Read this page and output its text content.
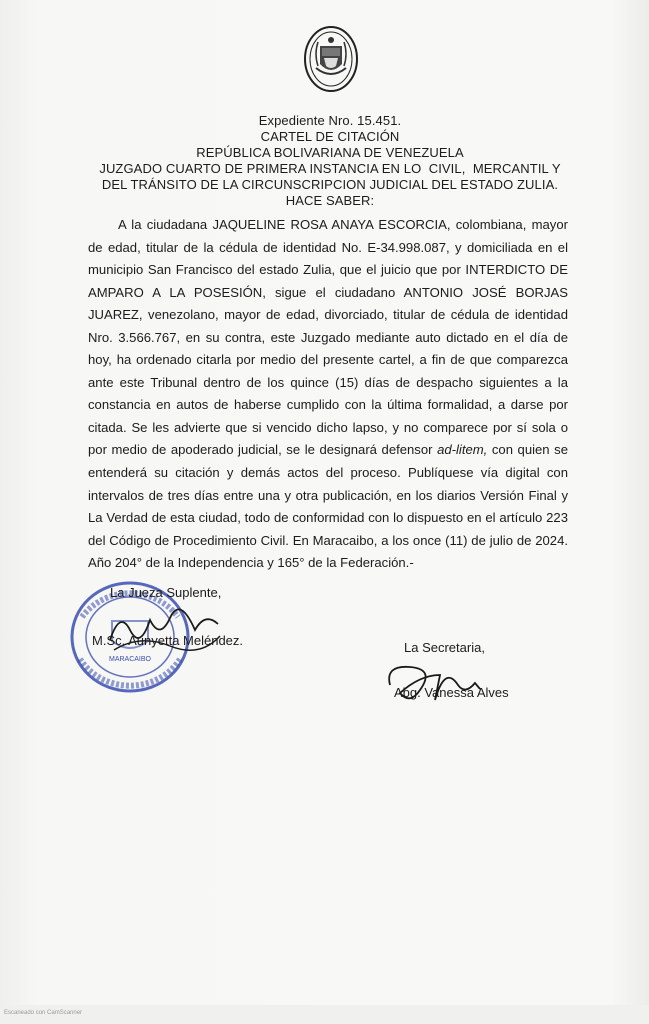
Expediente Nro. 15.451.
CARTEL DE CITACIÓN
REPÚBLICA BOLIVARIANA DE VENEZUELA
JUZGADO CUARTO DE PRIMERA INSTANCIA EN LO  CIVIL,  MERCANTIL Y
DEL TRÁNSITO DE LA CIRCUNSCRIPCION JUDICIAL DEL ESTADO ZULIA.
HACE SABER:

A la ciudadana JAQUELINE ROSA ANAYA ESCORCIA, colombiana, mayor de edad, titular de la cédula de identidad No. E-34.998.087, y domiciliada en el municipio San Francisco del estado Zulia, que el juicio que por INTERDICTO DE AMPARO A LA POSESIÓN, sigue el ciudadano ANTONIO JOSÉ BORJAS JUAREZ, venezolano, mayor de edad, divorciado, titular de cédula de identidad Nro. 3.566.767, en su contra, este Juzgado mediante auto dictado en el día de hoy, ha ordenado citarla por medio del presente cartel, a fin de que comparezca ante este Tribunal dentro de los quince (15) días de despacho siguientes a la constancia en autos de haberse cumplido con la última formalidad, a darse por citada. Se les advierte que si vencido dicho lapso, y no comparece por sí sola o por medio de apoderado judicial, se le designará defensor ad-litem, con quien se entenderá su citación y demás actos del proceso. Publíquese vía digital con intervalos de tres días entre una y otra publicación, en los diarios Versión Final y La Verdad de esta ciudad, todo de conformidad con lo dispuesto en el artículo 223 del Código de Procedimiento Civil. En Maracaibo, a los once (11) de julio de 2024. Año 204° de la Independencia y 165° de la Federación.-

MARACAIBO
La Jueza Suplente,
M.Sc. Aunyetta Meléndez.	La Secretaria,
Abg. Vanessa Alves
Escaneado con CamScanner
